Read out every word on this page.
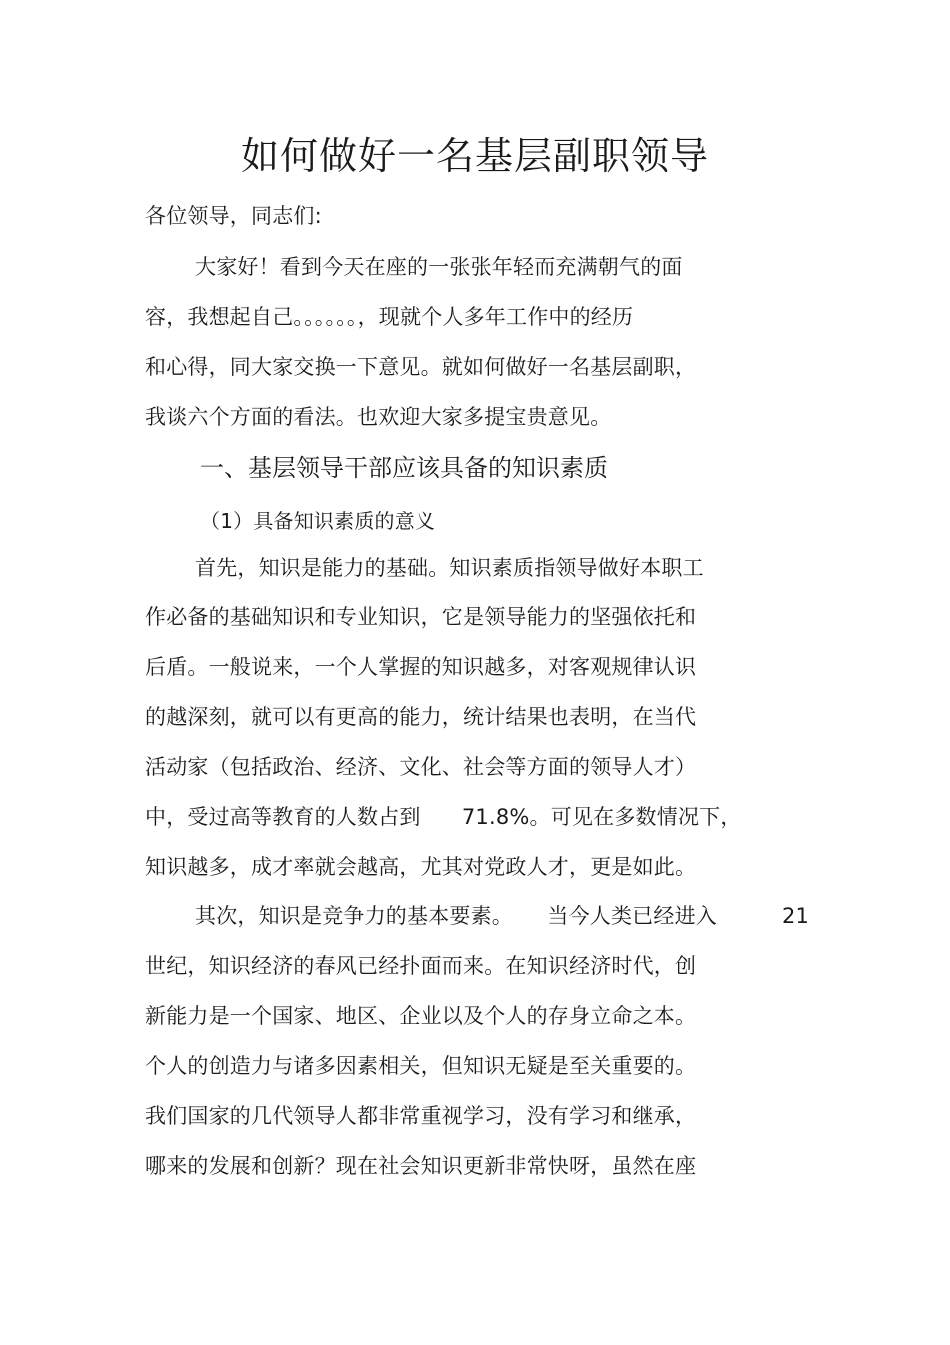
如何做好一名基层副职领导
各位领导，同志们:
大家好！看到今天在座的一张张年轻而充满朝气的面
容，我想起自己。。。。。。，现就个人多年工作中的经历
和心得，同大家交换一下意见。就如何做好一名基层副职，
我谈六个方面的看法。也欢迎大家多提宝贵意见。
一、基层领导干部应该具备的知识素质
（1）具备知识素质的意义
首先，知识是能力的基础。知识素质指领导做好本职工
作必备的基础知识和专业知识，它是领导能力的坚强依托和
后盾。一般说来，一个人掌握的知识越多，对客观规律认识
的越深刻，就可以有更高的能力，统计结果也表明，在当代
活动家（包括政治、经济、文化、社会等方面的领导人才）
中，受过高等教育的人数占到      71.8%。可见在多数情况下，
知识越多，成才率就会越高，尤其对党政人才，更是如此。
其次，知识是竞争力的基本要素。     当今人类已经进入	21
世纪，知识经济的春风已经扑面而来。在知识经济时代，创
新能力是一个国家、地区、企业以及个人的存身立命之本。
个人的创造力与诸多因素相关，但知识无疑是至关重要的。
我们国家的几代领导人都非常重视学习，没有学习和继承，
哪来的发展和创新？现在社会知识更新非常快呀，虽然在座
